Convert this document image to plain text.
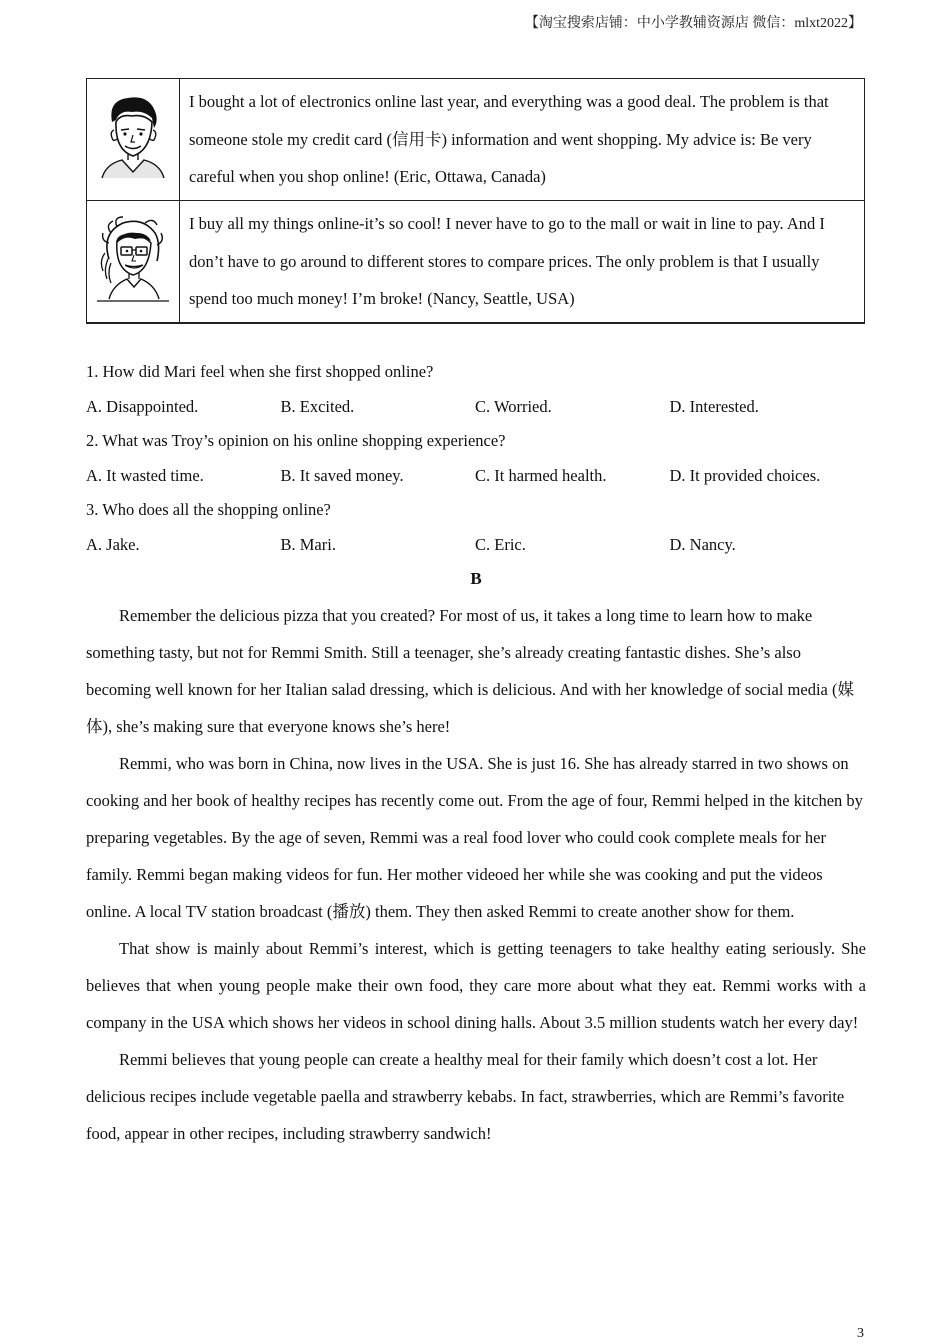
【淘宝搜索店铺：中小学教辅资源店 微信：mlxt2022】
	I bought a lot of electronics online last year, and everything was a good deal. The problem is that someone stole my credit card (信用卡) information and went shopping. My advice is: Be very careful when you shop online! (Eric, Ottawa, Canada)
	I buy all my things online-it’s so cool! I never have to go to the mall or wait in line to pay. And I don’t have to go around to different stores to compare prices. The only problem is that I usually spend too much money! I’m broke! (Nancy, Seattle, USA)
1. How did Mari feel when she first shopped online?
A. Disappointed.	B. Excited.	C. Worried.	D. Interested.
2. What was Troy’s opinion on his online shopping experience?
A. It wasted time.	B. It saved money.	C. It harmed health.	D. It provided choices.
3. Who does all the shopping online?
A. Jake.	B. Mari.	C. Eric.	D. Nancy.
B

Remember the delicious pizza that you created? For most of us, it takes a long time to learn how to make something tasty, but not for Remmi Smith. Still a teenager, she’s already creating fantastic dishes. She’s also becoming well known for her Italian salad dressing, which is delicious. And with her knowledge of social media (媒体), she’s making sure that everyone knows she’s here!

Remmi, who was born in China, now lives in the USA. She is just 16. She has already starred in two shows on cooking and her book of healthy recipes has recently come out. From the age of four, Remmi helped in the kitchen by preparing vegetables. By the age of seven, Remmi was a real food lover who could cook complete meals for her family. Remmi began making videos for fun. Her mother videoed her while she was cooking and put the videos online. A local TV station broadcast (播放) them. They then asked Remmi to create another show for them.

That show is mainly about Remmi’s interest, which is getting teenagers to take healthy eating seriously. She believes that when young people make their own food, they care more about what they eat. Remmi works with a company in the USA which shows her videos in school dining halls. About 3.5 million students watch her every day!

Remmi believes that young people can create a healthy meal for their family which doesn’t cost a lot. Her delicious recipes include vegetable paella and strawberry kebabs. In fact, strawberries, which are Remmi’s favorite food, appear in other recipes, including strawberry sandwich!

3
